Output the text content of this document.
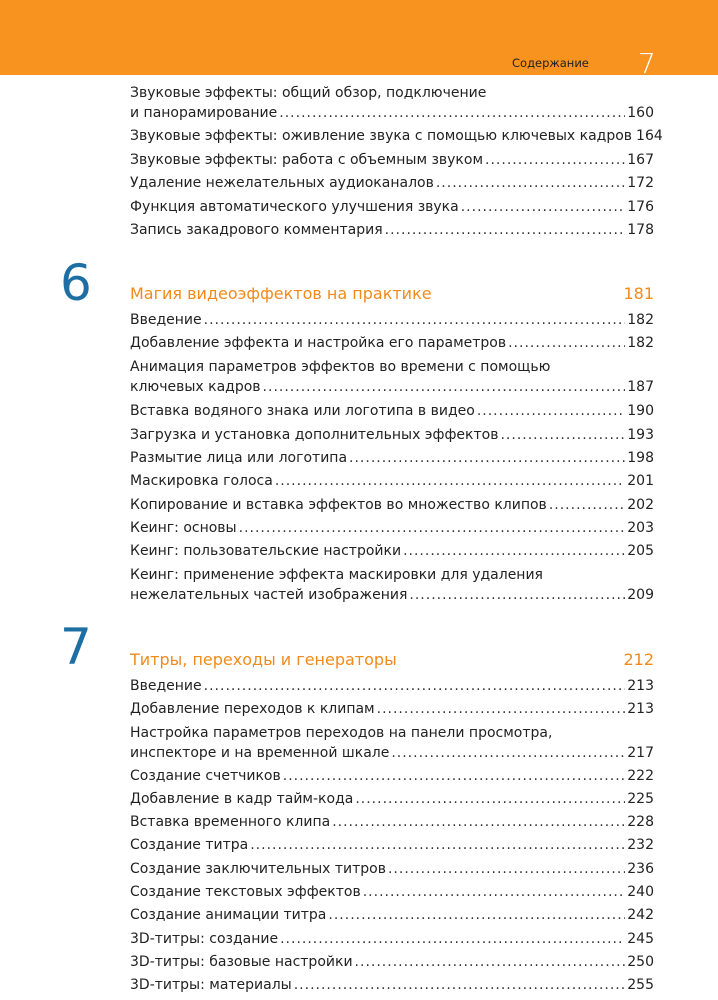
Содержание 7
Звуковые эффекты: общий обзор, подключение
и панорамирование .....	160
Звуковые эффекты: оживление звука с помощью ключевых кадров 164
Звуковые эффекты: работа с объемным звуком .....	167
Удаление нежелательных аудиоканалов .....	172
Функция автоматического улучшения звука .....	176
Запись закадрового комментария .....	178
6 Магия видеоэффектов на практике	181
Введение .....	182
Добавление эффекта и настройка его параметров .....	182
Анимация параметров эффектов во времени с помощью
ключевых кадров .....	187
Вставка водяного знака или логотипа в видео .....	190
Загрузка и установка дополнительных эффектов .....	193
Размытие лица или логотипа .....	198
Маскировка голоса .....	201
Копирование и вставка эффектов во множество клипов .....	202
Кеинг: основы .....	203
Кеинг: пользовательские настройки .....	205
Кеинг: применение эффекта маскировки для удаления
нежелательных частей изображения .....	209
7 Титры, переходы и генераторы	212
Введение .....	213
Добавление переходов к клипам .....	213
Настройка параметров переходов на панели просмотра,
инспекторе и на временной шкале .....	217
Создание счетчиков .....	222
Добавление в кадр тайм-кода .....	225
Вставка временного клипа .....	228
Создание титра .....	232
Создание заключительных титров .....	236
Создание текстовых эффектов .....	240
Создание анимации титра .....	242
3D-титры: создание .....	245
3D-титры: базовые настройки .....	250
3D-титры: материалы .....	255
